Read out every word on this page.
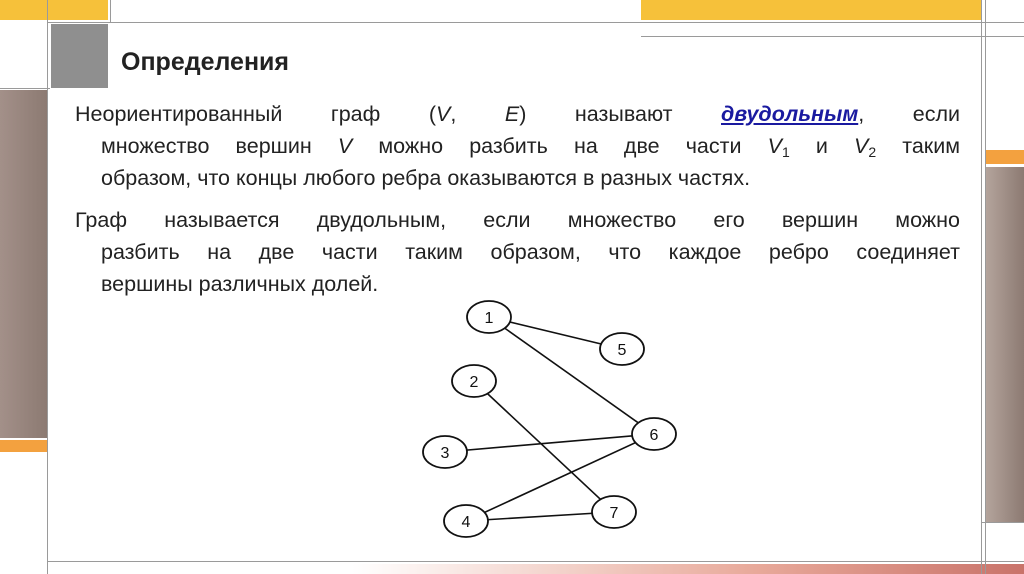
Определения
Неориентированный граф (V, E) называют двудольным, если
множество вершин V можно разбить на две части $V_1$ и $V_2$ таким
образом, что концы любого ребра оказываются в разных частях.
Граф называется двудольным, если множество его вершин можно
разбить на две части таким образом, что каждое ребро соединяет
вершины различных долей.
1
2
3
4
5
6
7
